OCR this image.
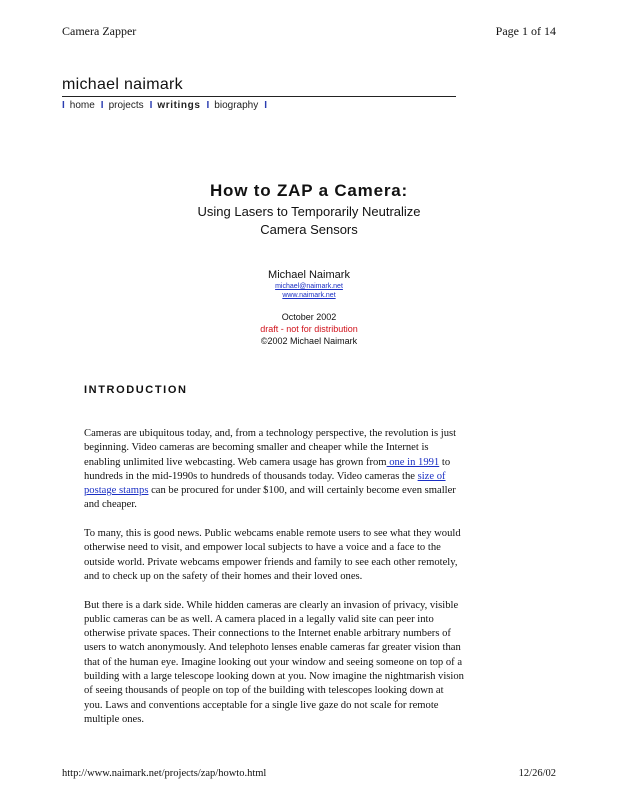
Camera Zapper	Page 1 of 14
michael naimark
I home I projects I writings I biography I
How to ZAP a Camera:
Using Lasers to Temporarily Neutralize
Camera Sensors
Michael Naimark
michael@naimark.net
www.naimark.net
October 2002
draft - not for distribution
©2002 Michael Naimark
INTRODUCTION

Cameras are ubiquitous today, and, from a technology perspective, the revolution is just beginning. Video cameras are becoming smaller and cheaper while the Internet is enabling unlimited live webcasting. Web camera usage has grown from one in 1991 to hundreds in the mid-1990s to hundreds of thousands today. Video cameras the size of postage stamps can be procured for under $100, and will certainly become even smaller and cheaper.

To many, this is good news. Public webcams enable remote users to see what they would otherwise need to visit, and empower local subjects to have a voice and a face to the outside world. Private webcams empower friends and family to see each other remotely, and to check up on the safety of their homes and their loved ones.

But there is a dark side. While hidden cameras are clearly an invasion of privacy, visible public cameras can be as well. A camera placed in a legally valid site can peer into otherwise private spaces. Their connections to the Internet enable arbitrary numbers of users to watch anonymously. And telephoto lenses enable cameras far greater vision than that of the human eye. Imagine looking out your window and seeing someone on top of a building with a large telescope looking down at you. Now imagine the nightmarish vision of seeing thousands of people on top of the building with telescopes looking down at you. Laws and conventions acceptable for a single live gaze do not scale for remote multiple ones.

http://www.naimark.net/projects/zap/howto.html	12/26/02
